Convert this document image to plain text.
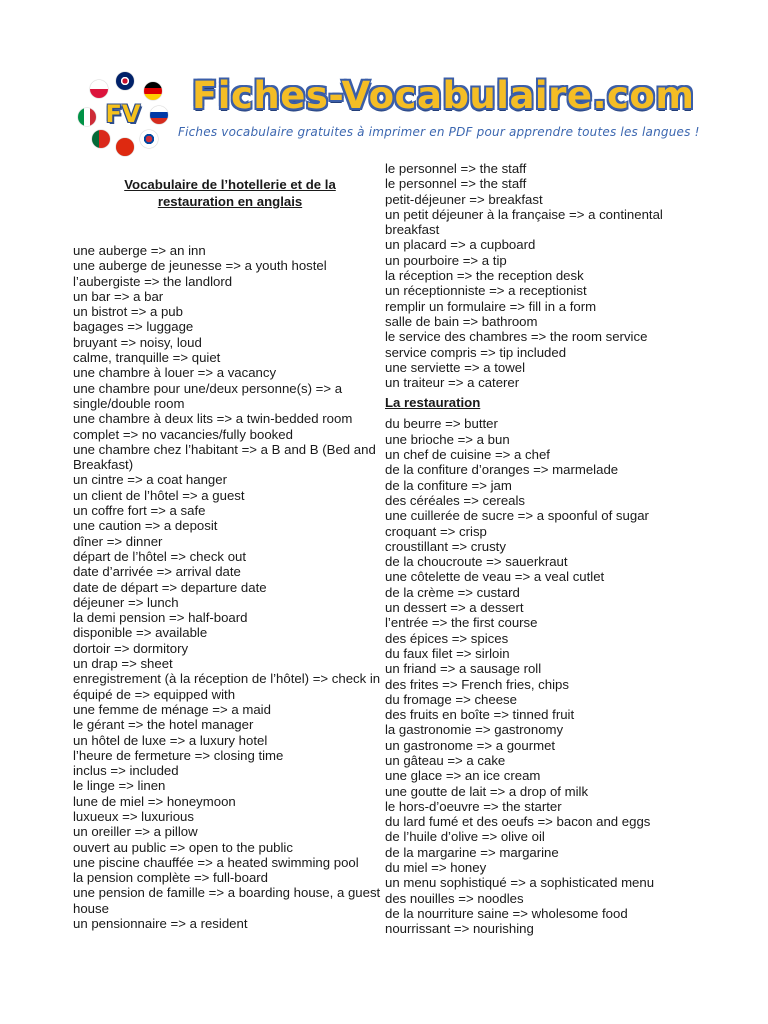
FV Fiches-Vocabulaire.com
Fiches vocabulaire gratuites à imprimer en PDF pour apprendre toutes les langues !
Vocabulaire de l’hotellerie et de la restauration en anglais
une auberge => an inn
une auberge de jeunesse => a youth hostel
l’aubergiste => the landlord
un bar => a bar
un bistrot => a pub
bagages => luggage
bruyant => noisy, loud
calme, tranquille => quiet
une chambre à louer => a vacancy
une chambre pour une/deux personne(s) => a single/double room
une chambre à deux lits => a twin-bedded room
complet => no vacancies/fully booked
une chambre chez l’habitant => a B and B (Bed and Breakfast)
un cintre => a coat hanger
un client de l’hôtel => a guest
un coffre fort => a safe
une caution => a deposit
dîner => dinner
départ de l’hôtel => check out
date d’arrivée => arrival date
date de départ => departure date
déjeuner => lunch
la demi pension => half-board
disponible => available
dortoir => dormitory
un drap => sheet
enregistrement (à la réception de l’hôtel) => check in
équipé de => equipped with
une femme de ménage => a maid
le gérant => the hotel manager
un hôtel de luxe => a luxury hotel
l’heure de fermeture => closing time
inclus => included
le linge => linen
lune de miel => honeymoon
luxueux => luxurious
un oreiller => a pillow
ouvert au public => open to the public
une piscine chauffée => a heated swimming pool
la pension complète => full-board
une pension de famille => a boarding house, a guest house
un pensionnaire => a resident
le personnel => the staff
le personnel => the staff
petit-déjeuner => breakfast
un petit déjeuner à la française => a continental breakfast
un placard => a cupboard
un pourboire => a tip
la réception => the reception desk
un réceptionniste => a receptionist
remplir un formulaire => fill in a form
salle de bain => bathroom
le service des chambres => the room service
service compris => tip included
une serviette => a towel
un traiteur => a caterer
La restauration
du beurre => butter
une brioche => a bun
un chef de cuisine => a chef
de la confiture d’oranges => marmelade
de la confiture => jam
des céréales => cereals
une cuillerée de sucre => a spoonful of sugar
croquant => crisp
croustillant => crusty
de la choucroute => sauerkraut
une côtelette de veau => a veal cutlet
de la crème => custard
un dessert => a dessert
l’entrée => the first course
des épices => spices
du faux filet => sirloin
un friand => a sausage roll
des frites => French fries, chips
du fromage => cheese
des fruits en boîte => tinned fruit
la gastronomie => gastronomy
un gastronome => a gourmet
un gâteau => a cake
une glace => an ice cream
une goutte de lait => a drop of milk
le hors-d’oeuvre => the starter
du lard fumé et des oeufs => bacon and eggs
de l’huile d’olive => olive oil
de la margarine => margarine
du miel => honey
un menu sophistiqué => a sophisticated menu
des nouilles => noodles
de la nourriture saine => wholesome food
nourrissant => nourishing
